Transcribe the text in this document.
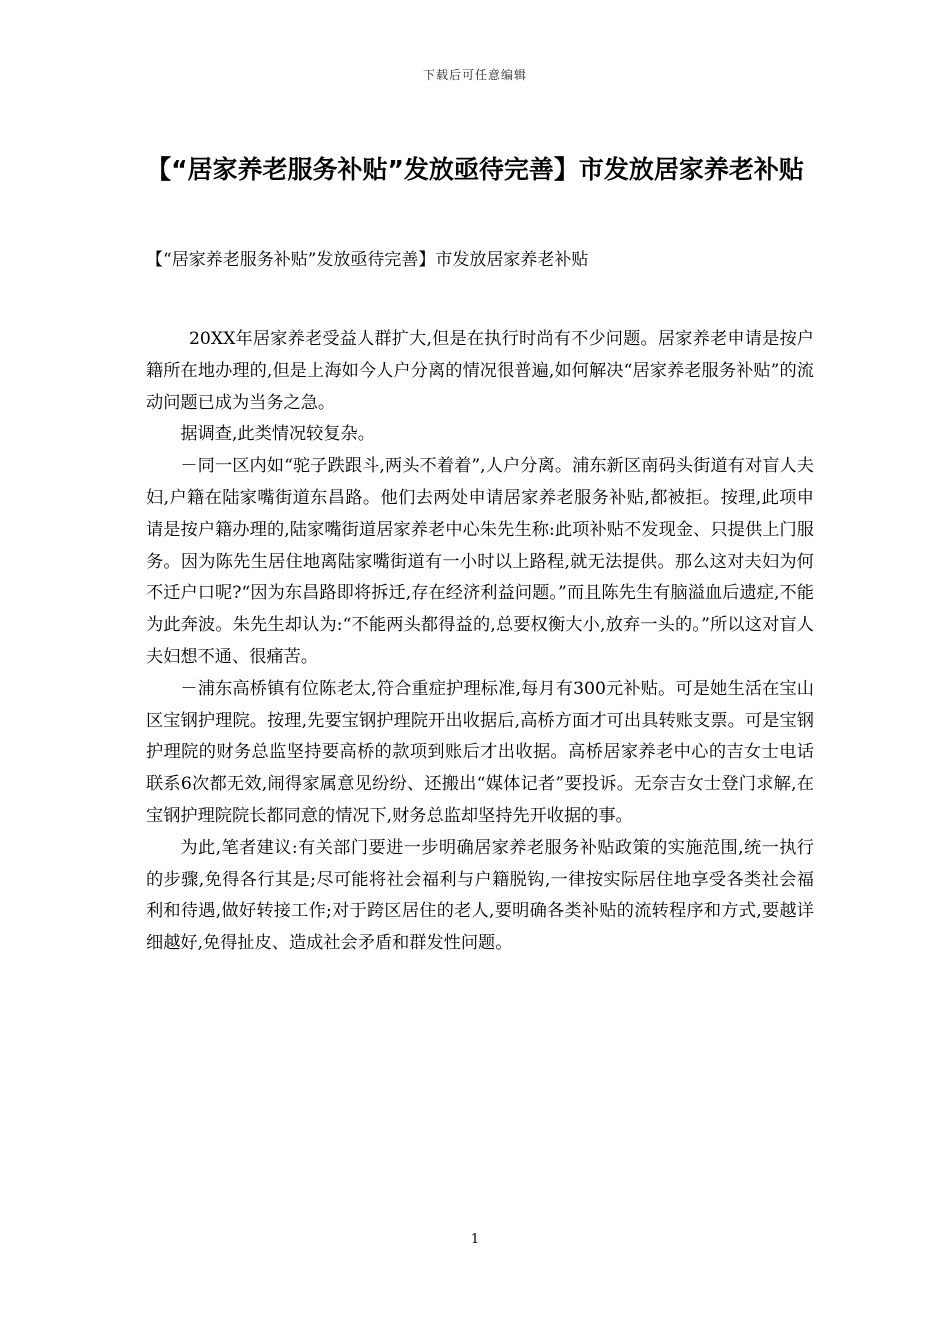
下载后可任意编辑
【“居家养老服务补贴”发放亟待完善】市发放居家养老补贴

【“居家养老服务补贴”发放亟待完善】市发放居家养老补贴

20XX年居家养老受益人群扩大,但是在执行时尚有不少问题。居家养老申请是按户籍所在地办理的,但是上海如今人户分离的情况很普遍,如何解决“居家养老服务补贴”的流动问题已成为当务之急。

据调查,此类情况较复杂。

－同一区内如“驼子跌跟斗,两头不着着”,人户分离。浦东新区南码头街道有对盲人夫妇,户籍在陆家嘴街道东昌路。他们去两处申请居家养老服务补贴,都被拒。按理,此项申请是按户籍办理的,陆家嘴街道居家养老中心朱先生称:此项补贴不发现金、只提供上门服务。因为陈先生居住地离陆家嘴街道有一小时以上路程,就无法提供。那么这对夫妇为何不迁户口呢?“因为东昌路即将拆迁,存在经济利益问题。”而且陈先生有脑溢血后遗症,不能为此奔波。朱先生却认为:“不能两头都得益的,总要权衡大小,放弃一头的。”所以这对盲人夫妇想不通、很痛苦。

－浦东高桥镇有位陈老太,符合重症护理标准,每月有300元补贴。可是她生活在宝山区宝钢护理院。按理,先要宝钢护理院开出收据后,高桥方面才可出具转账支票。可是宝钢护理院的财务总监坚持要高桥的款项到账后才出收据。高桥居家养老中心的吉女士电话联系6次都无效,闹得家属意见纷纷、还搬出“媒体记者”要投诉。无奈吉女士登门求解,在宝钢护理院院长都同意的情况下,财务总监却坚持先开收据的事。

为此,笔者建议:有关部门要进一步明确居家养老服务补贴政策的实施范围,统一执行的步骤,免得各行其是;尽可能将社会福利与户籍脱钩,一律按实际居住地享受各类社会福利和待遇,做好转接工作;对于跨区居住的老人,要明确各类补贴的流转程序和方式,要越详细越好,免得扯皮、造成社会矛盾和群发性问题。

1
